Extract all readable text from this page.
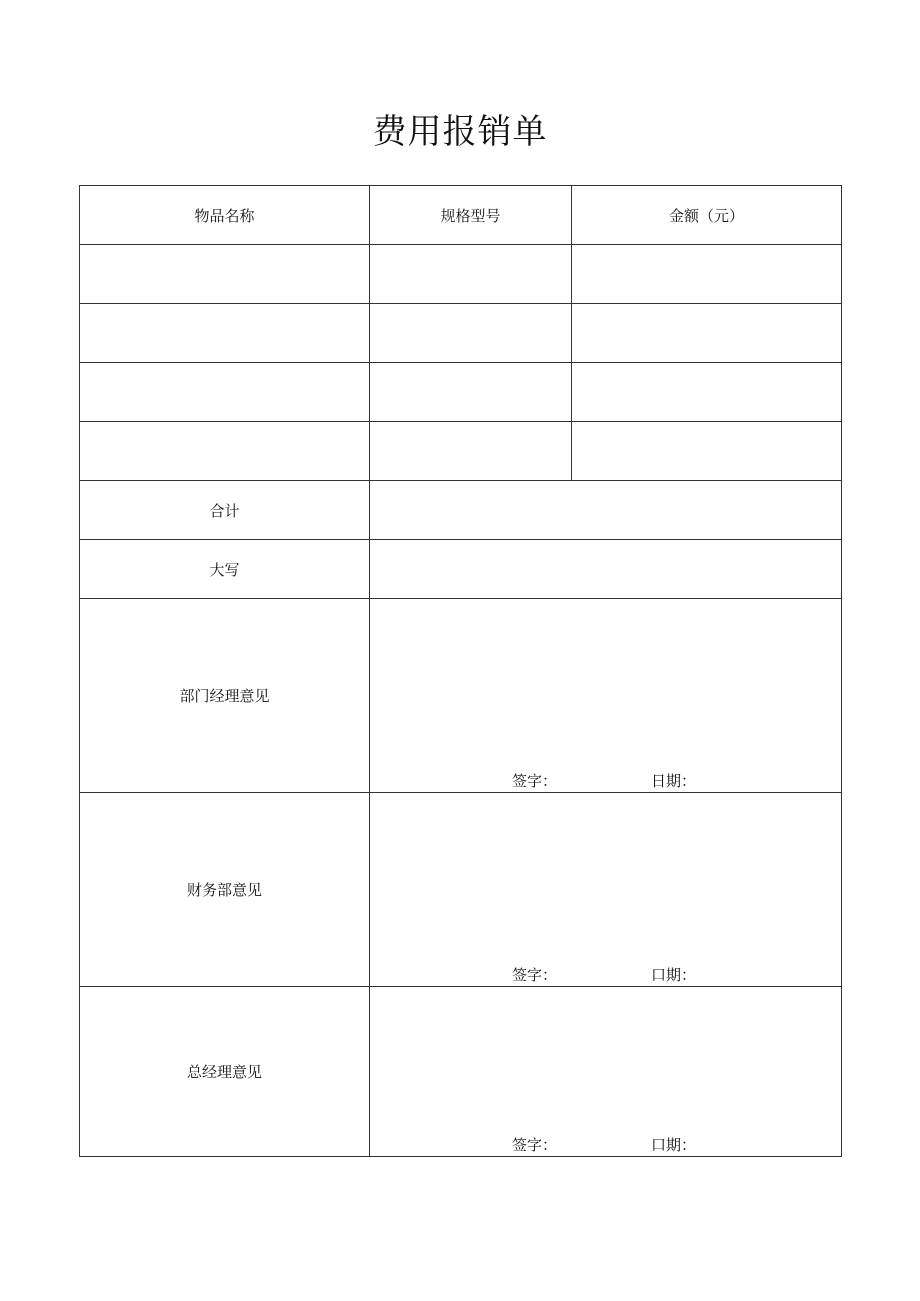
费用报销单
物品名称	规格型号	金额（元）

合计		
大写		
部门经理意见	签字： 日期：	

财务部意见	签字： 口期：	

总经理意见	签字： 口期：	
